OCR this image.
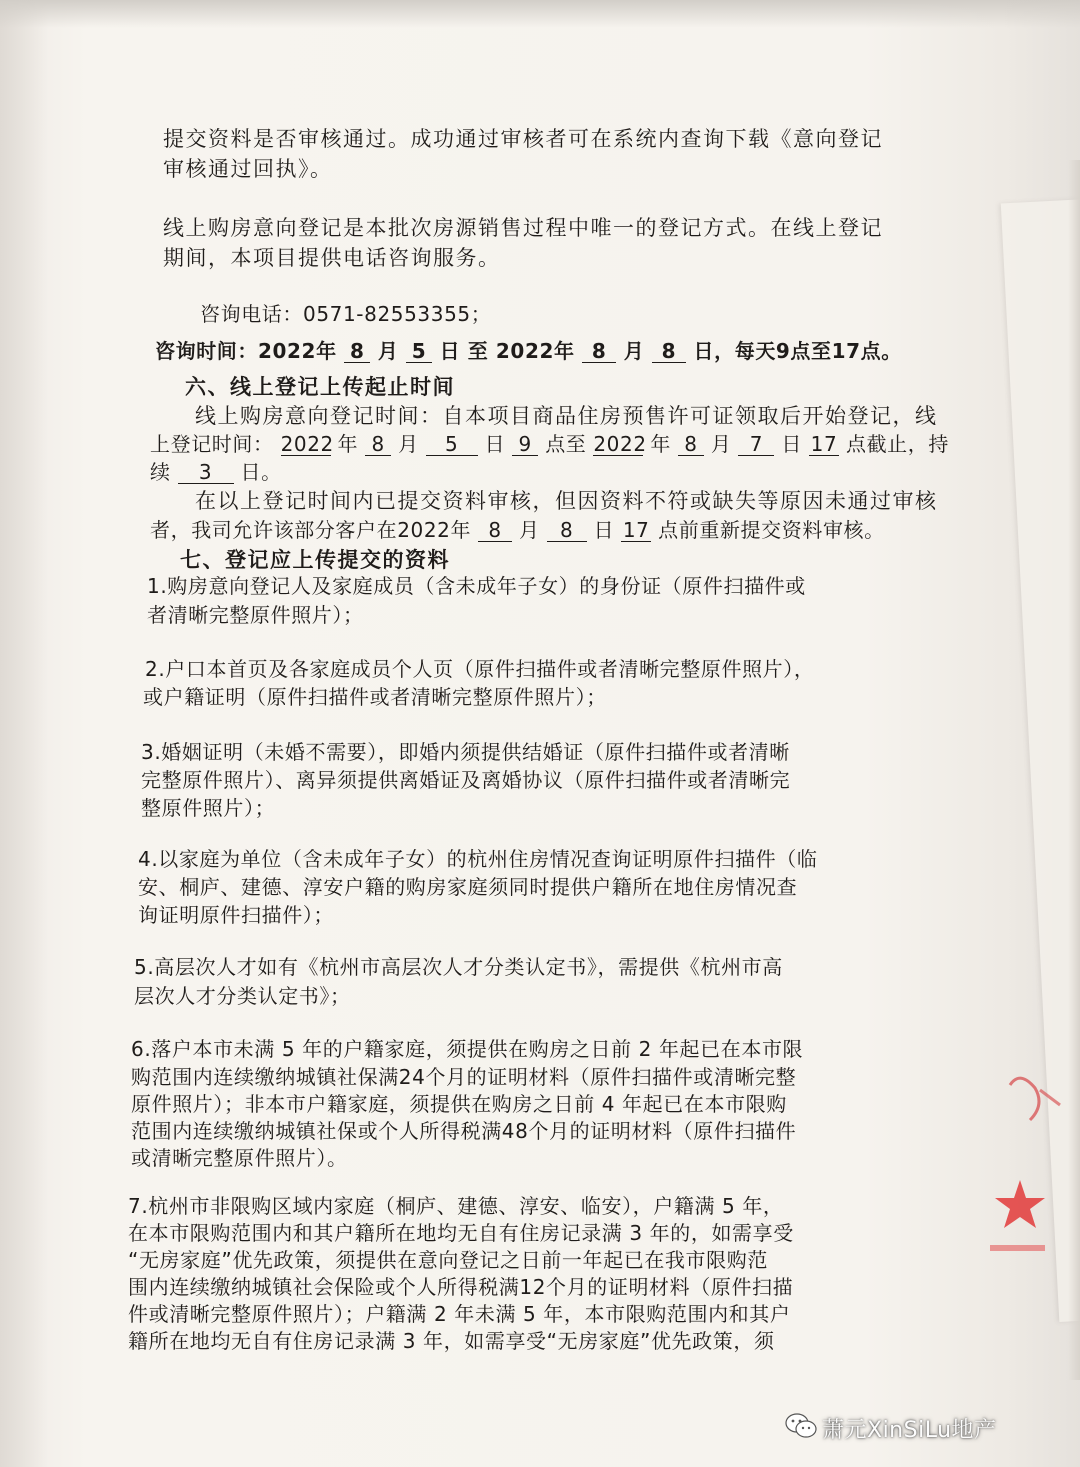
提交资料是否审核通过。成功通过审核者可在系统内查询下载《意向登记
审核通过回执》。
线上购房意向登记是本批次房源销售过程中唯一的登记方式。在线上登记
期间，本项目提供电话咨询服务。
咨询电话：0571-82553355；
咨询时间：2022年 8 月 5 日 至 2022年 8 月 8 日，每天9点至17点。
六、线上登记上传起止时间
线上购房意向登记时间：自本项目商品住房预售许可证领取后开始登记，线
上登记时间： 2022 年 8 月 5 日 9 点至 2022 年 8 月 7 日 17 点截止，持
续 3 日。
在以上登记时间内已提交资料审核，但因资料不符或缺失等原因未通过审核
者，我司允许该部分客户在2022年 8 月 8 日 17 点前重新提交资料审核。
七、登记应上传提交的资料
1.购房意向登记人及家庭成员（含未成年子女）的身份证（原件扫描件或
者清晰完整原件照片）；
2.户口本首页及各家庭成员个人页（原件扫描件或者清晰完整原件照片），
或户籍证明（原件扫描件或者清晰完整原件照片）；
3.婚姻证明（未婚不需要），即婚内须提供结婚证（原件扫描件或者清晰
完整原件照片）、离异须提供离婚证及离婚协议（原件扫描件或者清晰完
整原件照片）；
4.以家庭为单位（含未成年子女）的杭州住房情况查询证明原件扫描件（临
安、桐庐、建德、淳安户籍的购房家庭须同时提供户籍所在地住房情况查
询证明原件扫描件）；
5.高层次人才如有《杭州市高层次人才分类认定书》，需提供《杭州市高
层次人才分类认定书》；
6.落户本市未满 5 年的户籍家庭，须提供在购房之日前 2 年起已在本市限
购范围内连续缴纳城镇社保满24个月的证明材料（原件扫描件或清晰完整
原件照片）；非本市户籍家庭，须提供在购房之日前 4 年起已在本市限购
范围内连续缴纳城镇社保或个人所得税满48个月的证明材料（原件扫描件
或清晰完整原件照片）。
7.杭州市非限购区域内家庭（桐庐、建德、淳安、临安），户籍满 5 年，
在本市限购范围内和其户籍所在地均无自有住房记录满 3 年的，如需享受
“无房家庭”优先政策，须提供在意向登记之日前一年起已在我市限购范
围内连续缴纳城镇社会保险或个人所得税满12个月的证明材料（原件扫描
件或清晰完整原件照片）；户籍满 2 年未满 5 年，本市限购范围内和其户
籍所在地均无自有住房记录满 3 年，如需享受“无房家庭”优先政策，须
萧元XinSiLu地产
